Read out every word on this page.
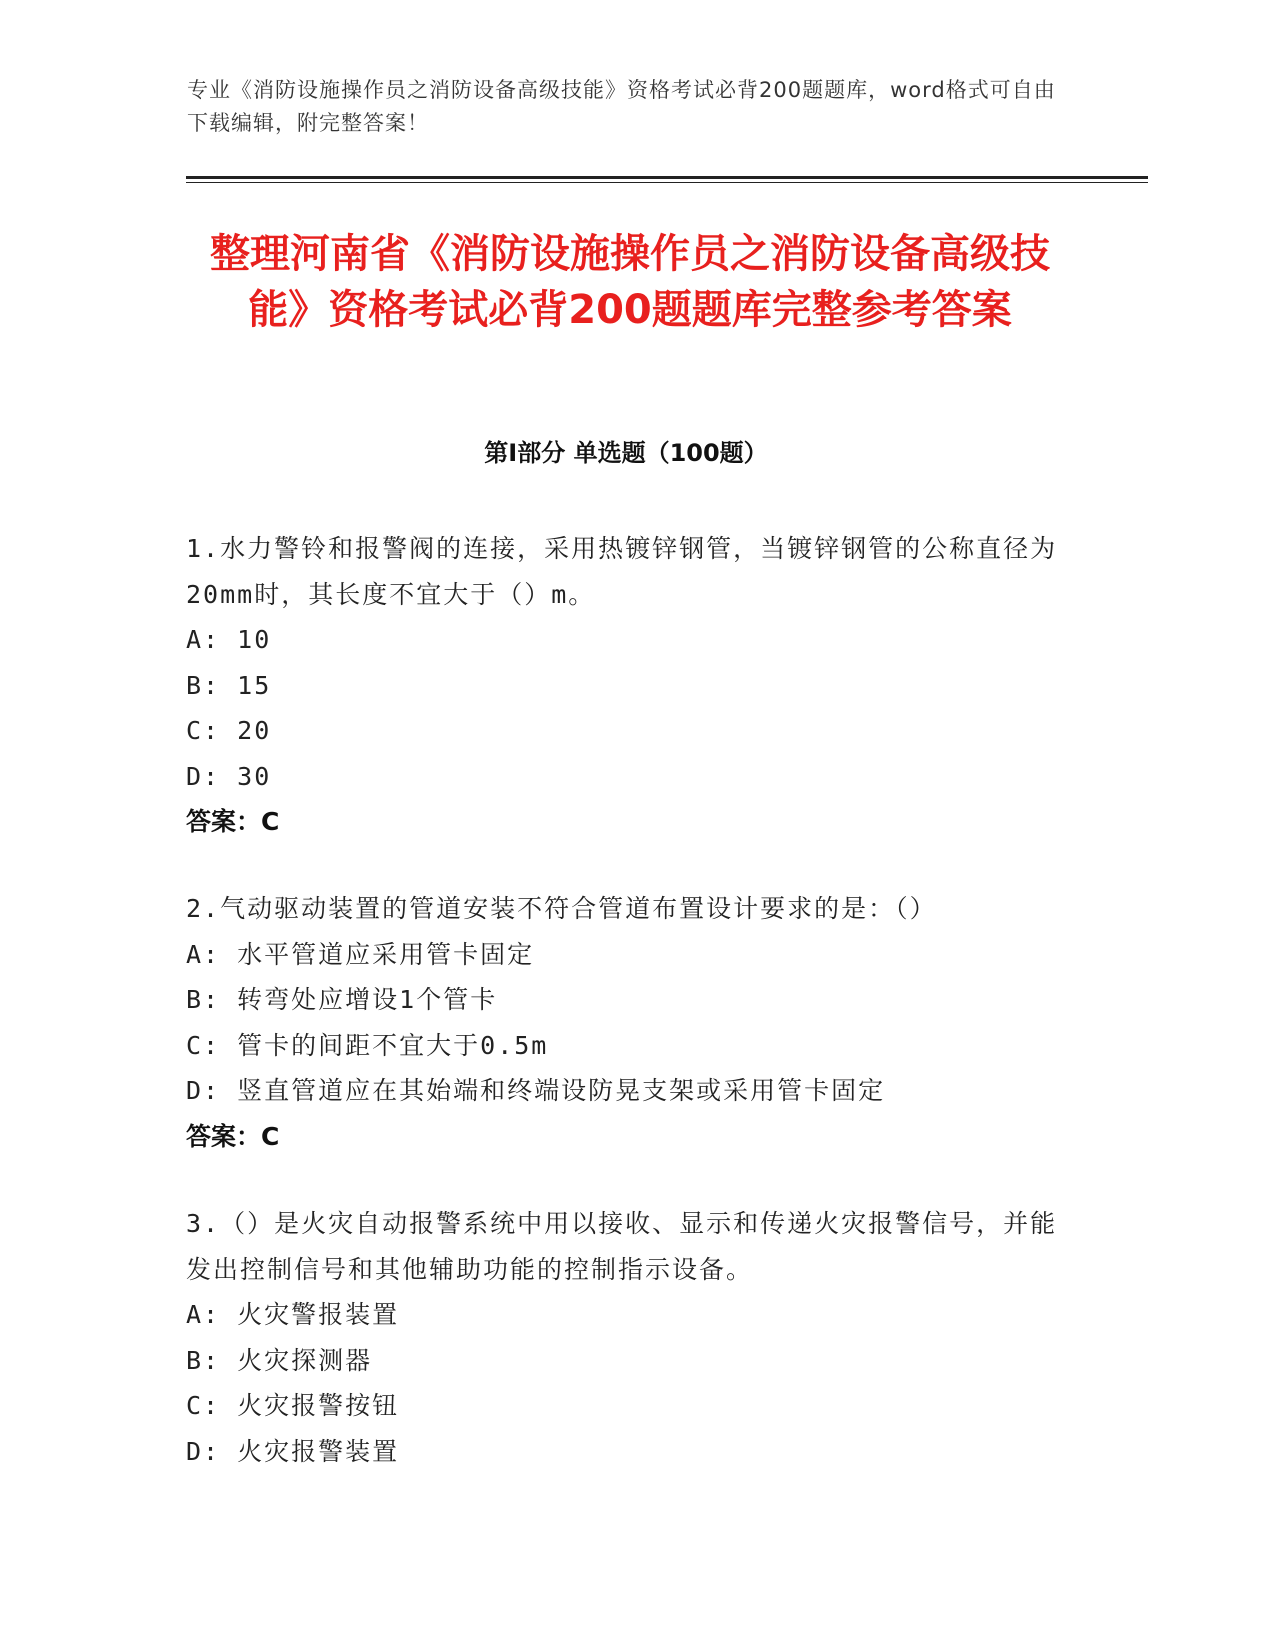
专业《消防设施操作员之消防设备高级技能》资格考试必背200题题库，word格式可自由下载编辑，附完整答案！
整理河南省《消防设施操作员之消防设备高级技能》资格考试必背200题题库完整参考答案
第Ⅰ部分 单选题（100题）

1.水力警铃和报警阀的连接，采用热镀锌钢管，当镀锌钢管的公称直径为20mm时，其长度不宜大于（）m。

A: 10

B: 15

C: 20

D: 30

答案：C

2.气动驱动装置的管道安装不符合管道布置设计要求的是：（）

A: 水平管道应采用管卡固定

B: 转弯处应增设1个管卡

C: 管卡的间距不宜大于0.5m

D: 竖直管道应在其始端和终端设防晃支架或采用管卡固定

答案：C

3.（）是火灾自动报警系统中用以接收、显示和传递火灾报警信号，并能发出控制信号和其他辅助功能的控制指示设备。

A: 火灾警报装置

B: 火灾探测器

C: 火灾报警按钮

D: 火灾报警装置
